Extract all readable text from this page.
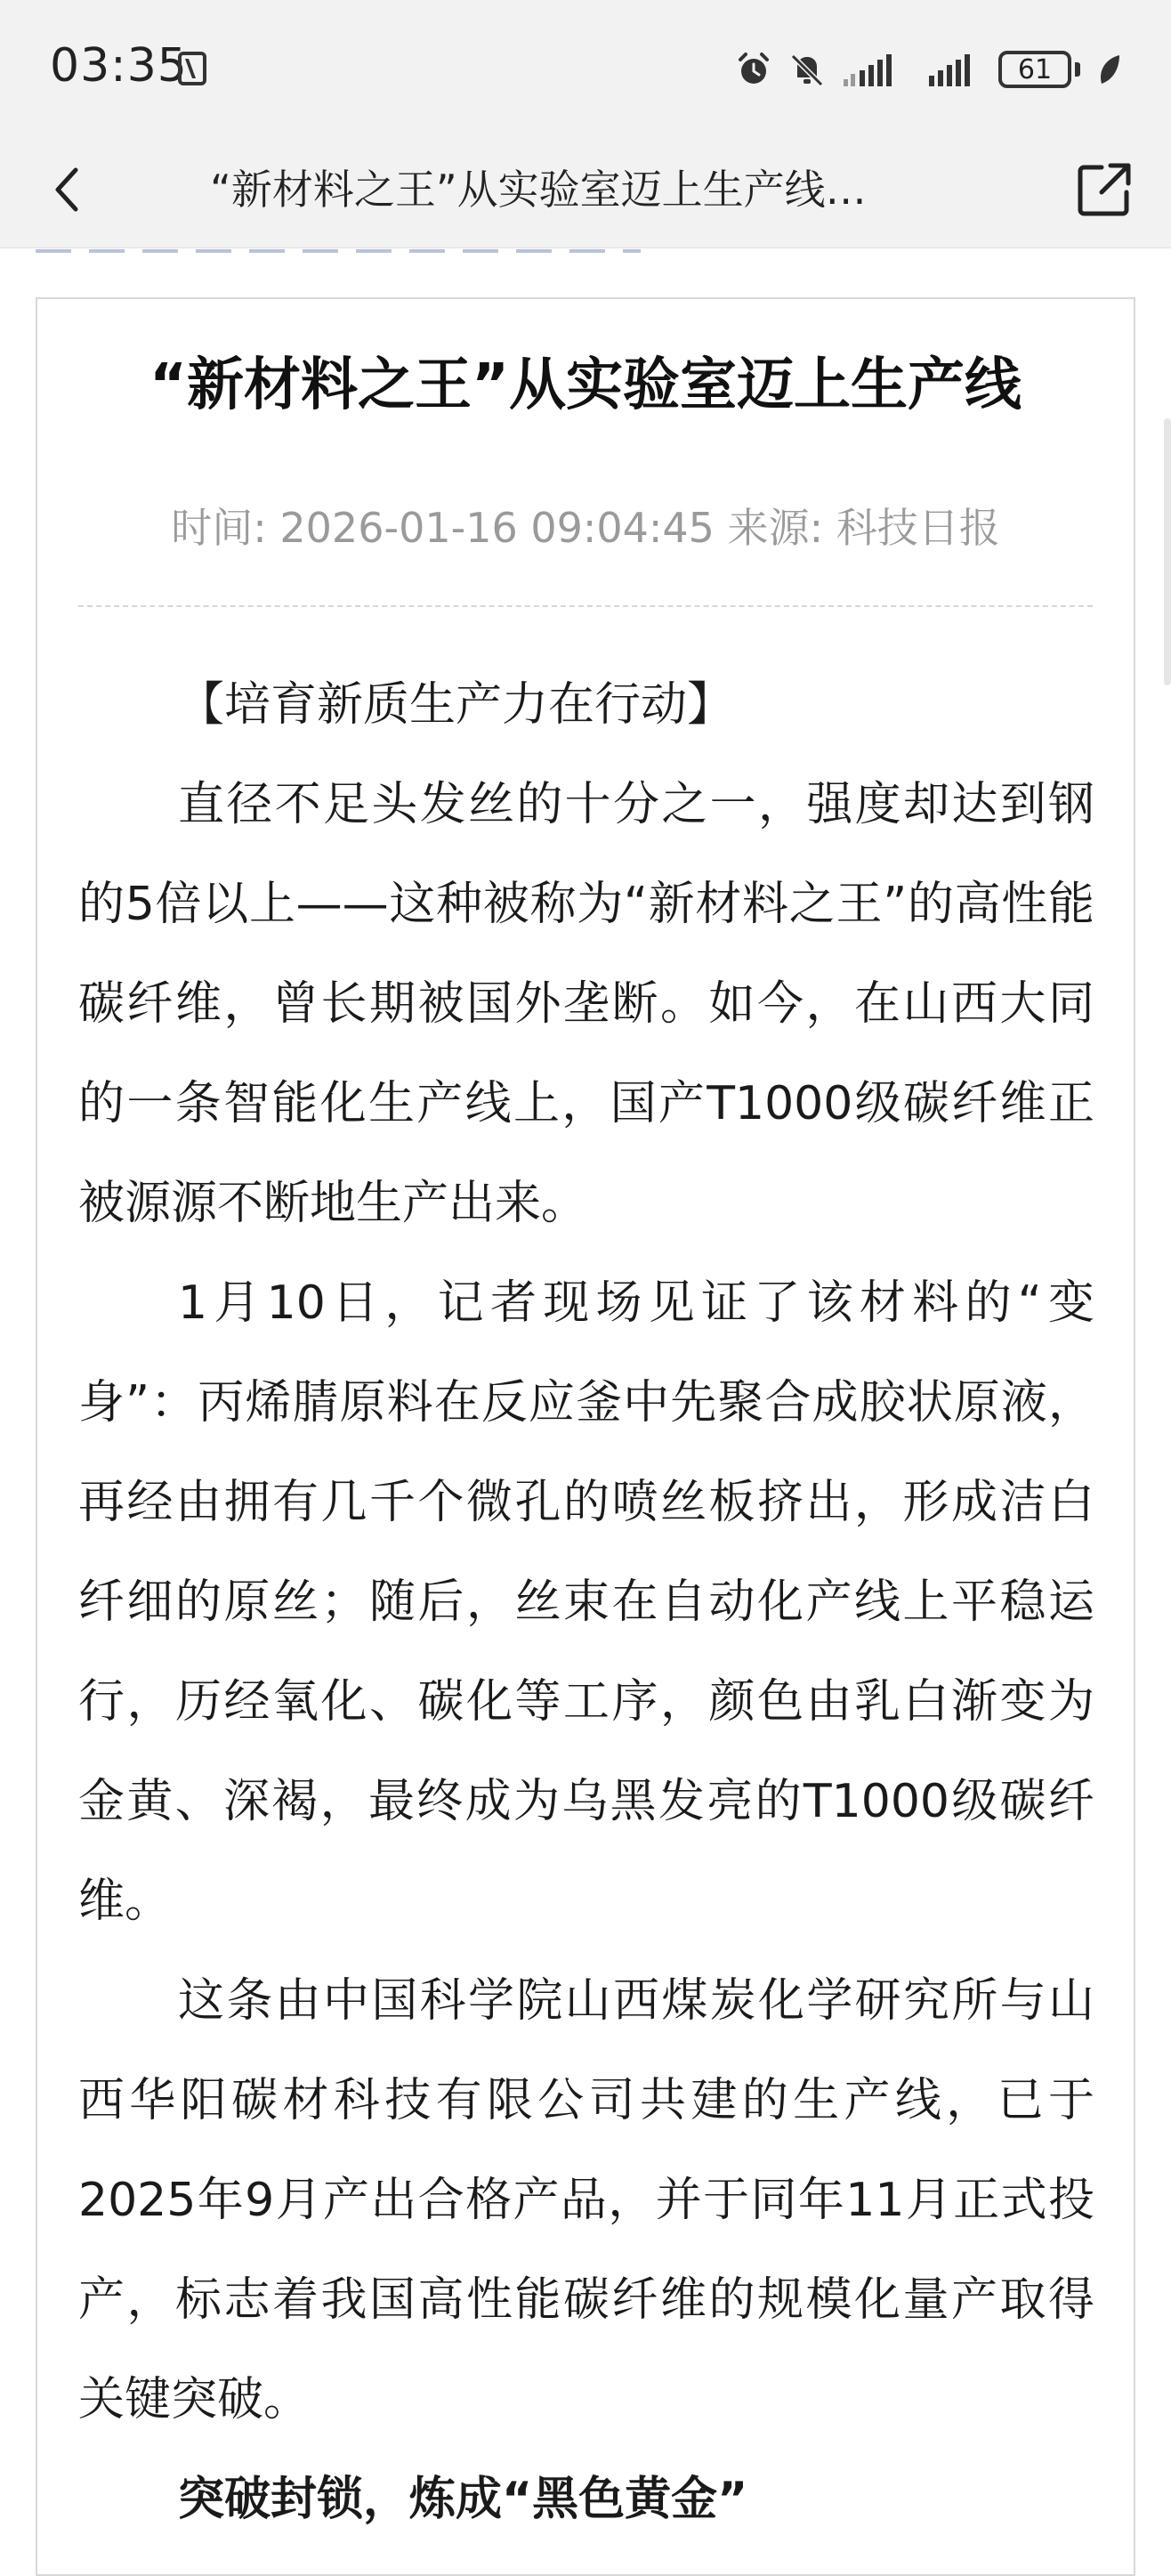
03:35	61
“新材料之王”从实验室迈上生产线…
“新材料之王”从实验室迈上生产线
时间: 2026-01-16 09:04:45 来源: 科技日报

【培育新质生产力在行动】

直径不足头发丝的十分之一，强度却达到钢的5倍以上——这种被称为“新材料之王”的高性能碳纤维，曾长期被国外垄断。如今，在山西大同的一条智能化生产线上，国产T1000级碳纤维正被源源不断地生产出来。

1月10日，记者现场见证了该材料的“变身”：丙烯腈原料在反应釜中先聚合成胶状原液，再经由拥有几千个微孔的喷丝板挤出，形成洁白纤细的原丝；随后，丝束在自动化产线上平稳运行，历经氧化、碳化等工序，颜色由乳白渐变为金黄、深褐，最终成为乌黑发亮的T1000级碳纤维。

这条由中国科学院山西煤炭化学研究所与山西华阳碳材科技有限公司共建的生产线，已于2025年9月产出合格产品，并于同年11月正式投产，标志着我国高性能碳纤维的规模化量产取得关键突破。

突破封锁，炼成“黑色黄金”
